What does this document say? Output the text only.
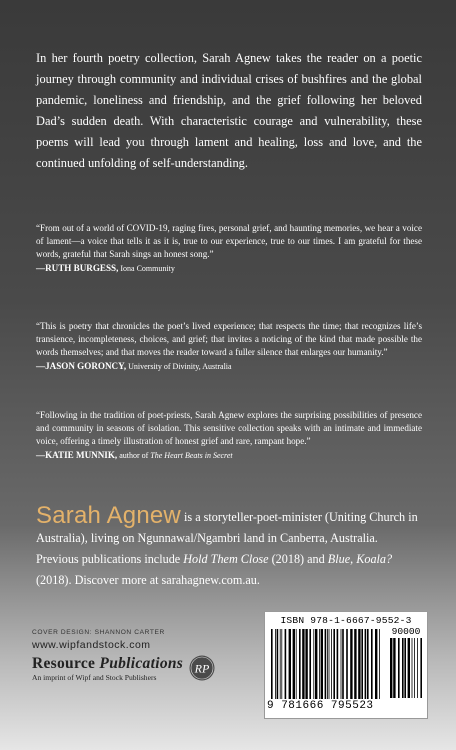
In her fourth poetry collection, Sarah Agnew takes the reader on a poetic journey through community and individual crises of bushfires and the global pandemic, loneliness and friendship, and the grief following her beloved Dad’s sudden death. With characteristic courage and vulnerability, these poems will lead you through lament and healing, loss and love, and the continued unfolding of self-understanding.
“From out of a world of COVID-19, raging fires, personal grief, and haunting memories, we hear a voice of lament—a voice that tells it as it is, true to our experience, true to our times. I am grateful for these words, grateful that Sarah sings an honest song.”
—RUTH BURGESS, Iona Community
“This is poetry that chronicles the poet’s lived experience; that respects the time; that recognizes life’s transience, incompleteness, choices, and grief; that invites a noticing of the kind that made possible the words themselves; and that moves the reader toward a fuller silence that enlarges our humanity.”
—JASON GORONCY, University of Divinity, Australia
“Following in the tradition of poet-priests, Sarah Agnew explores the surprising possibilities of presence and community in seasons of isolation. This sensitive collection speaks with an intimate and immediate voice, offering a timely illustration of honest grief and rare, rampant hope.”
—KATIE MUNNIK, author of The Heart Beats in Secret
Sarah Agnew is a storyteller-poet-minister (Uniting Church in Australia), living on Ngunnawal/Ngambri land in Canberra, Australia. Previous publications include Hold Them Close (2018) and Blue, Koala? (2018). Discover more at sarahagnew.com.au.
COVER DESIGN: SHANNON CARTER
www.wipfandstock.com
Resource Publications
An imprint of Wipf and Stock Publishers
RP
ISBN 978-1-6667-9552-3
90000
9 781666 795523
